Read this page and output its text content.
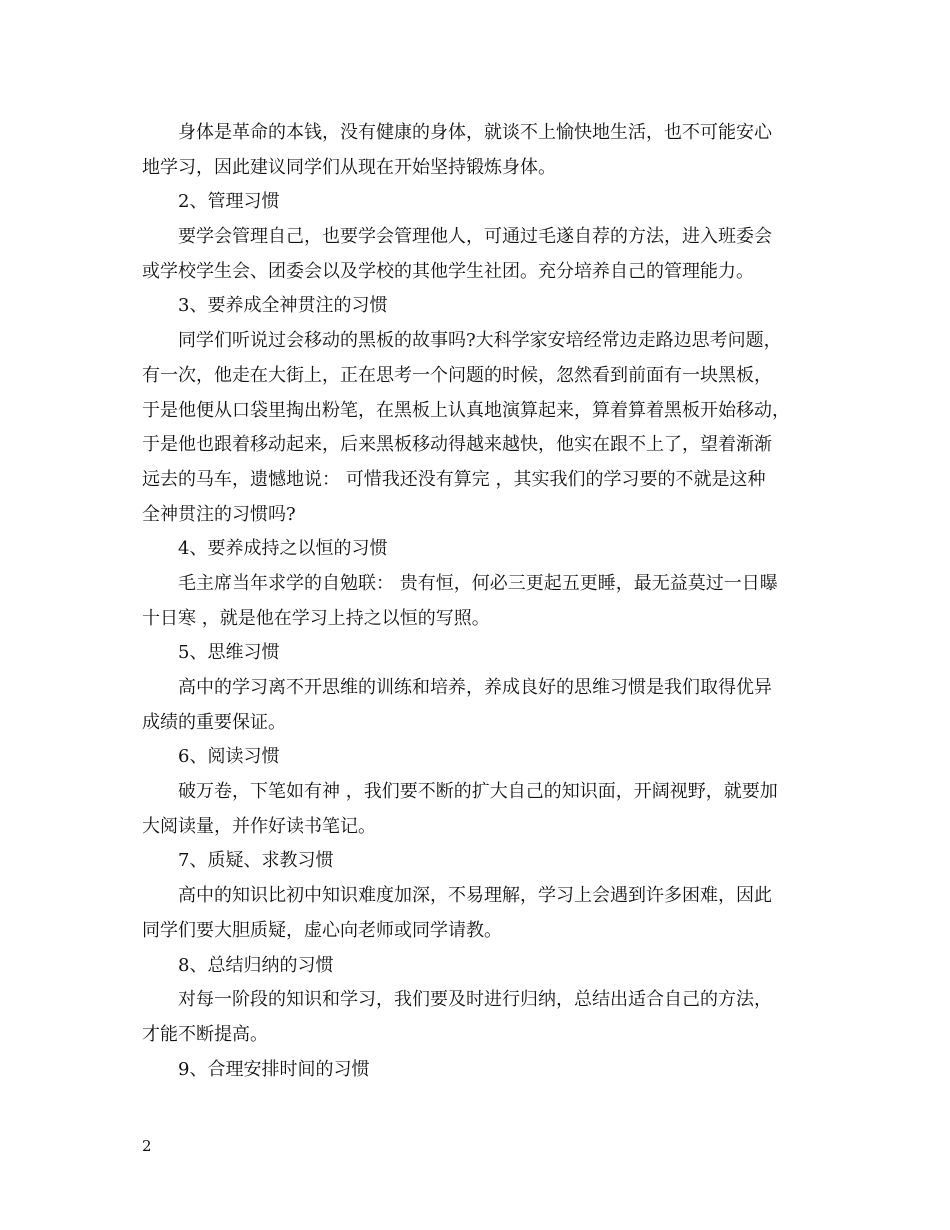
身体是革命的本钱，没有健康的身体，就谈不上愉快地生活，也不可能安心
地学习，因此建议同学们从现在开始坚持锻炼身体。
2、管理习惯
要学会管理自己，也要学会管理他人，可通过毛遂自荐的方法，进入班委会
或学校学生会、团委会以及学校的其他学生社团。充分培养自己的管理能力。
3、要养成全神贯注的习惯
同学们听说过会移动的黑板的故事吗?大科学家安培经常边走路边思考问题，
有一次，他走在大街上，正在思考一个问题的时候，忽然看到前面有一块黑板，
于是他便从口袋里掏出粉笔，在黑板上认真地演算起来，算着算着黑板开始移动，
于是他也跟着移动起来，后来黑板移动得越来越快，他实在跟不上了，望着渐渐
远去的马车，遗憾地说： 可惜我还没有算完 ，其实我们的学习要的不就是这种
全神贯注的习惯吗?
4、要养成持之以恒的习惯
毛主席当年求学的自勉联： 贵有恒，何必三更起五更睡，最无益莫过一日曝
十日寒 ，就是他在学习上持之以恒的写照。
5、思维习惯
高中的学习离不开思维的训练和培养，养成良好的思维习惯是我们取得优异
成绩的重要保证。
6、阅读习惯
破万卷，下笔如有神 ，我们要不断的扩大自己的知识面，开阔视野，就要加
大阅读量，并作好读书笔记。
7、质疑、求教习惯
高中的知识比初中知识难度加深，不易理解，学习上会遇到许多困难，因此
同学们要大胆质疑，虚心向老师或同学请教。
8、总结归纳的习惯
对每一阶段的知识和学习，我们要及时进行归纳，总结出适合自己的方法，
才能不断提高。
9、合理安排时间的习惯
2
